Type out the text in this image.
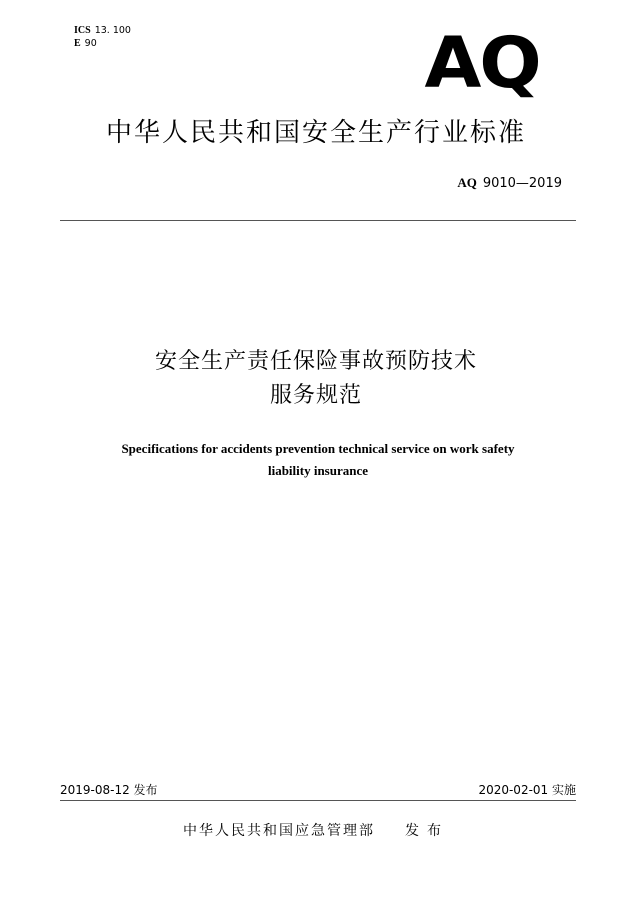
ICS 13. 100
E 90	AQ
中华人民共和国安全生产行业标准
AQ 9010—2019
安全生产责任保险事故预防技术
服务规范
Specifications for accidents prevention technical service on work safety
liability insurance
2019-08-12 发布	2020-02-01 实施
中华人民共和国应急管理部 发布
